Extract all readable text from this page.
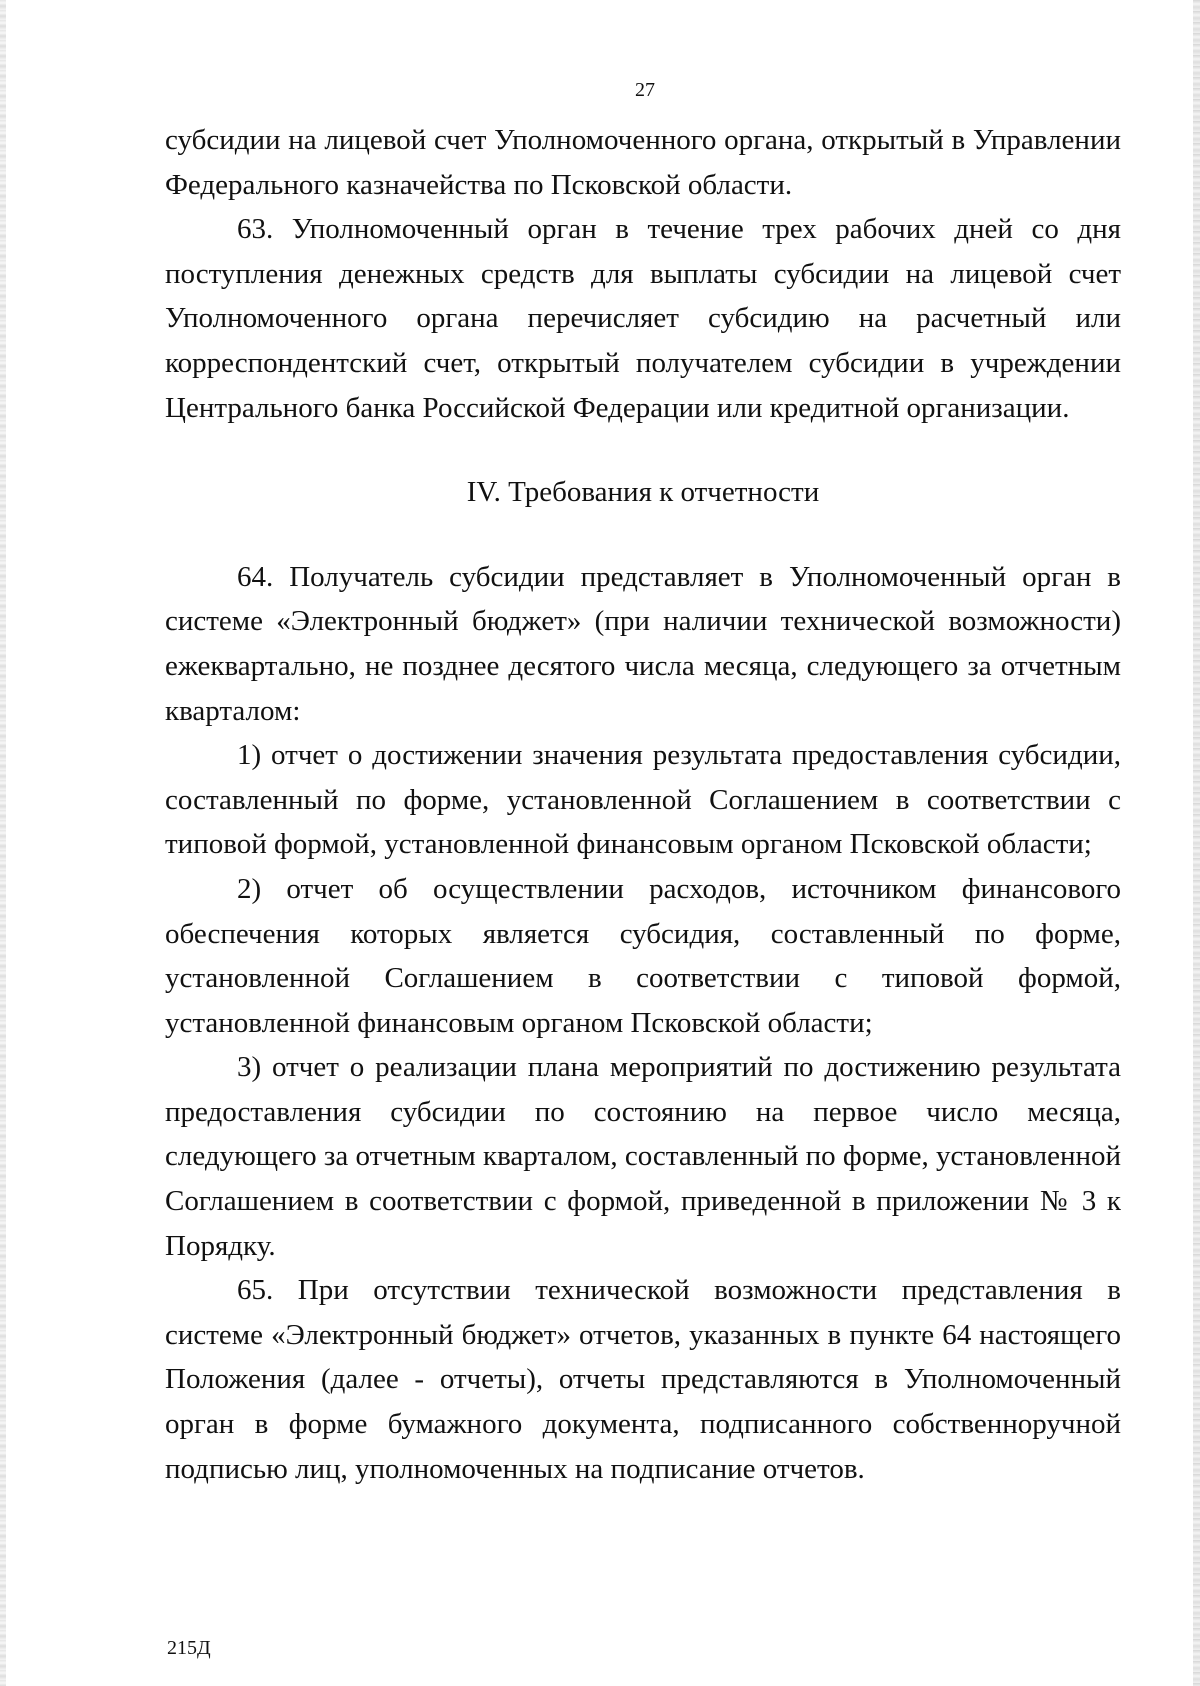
27

субсидии на лицевой счет Уполномоченного органа, открытый в Управлении Федерального казначейства по Псковской области.

63. Уполномоченный орган в течение трех рабочих дней со дня поступления денежных средств для выплаты субсидии на лицевой счет Уполномоченного органа перечисляет субсидию на расчетный или корреспондентский счет, открытый получателем субсидии в учреждении Центрального банка Российской Федерации или кредитной организации.

IV. Требования к отчетности

64. Получатель субсидии представляет в Уполномоченный орган в системе «Электронный бюджет» (при наличии технической возможности) ежеквартально, не позднее десятого числа месяца, следующего за отчетным кварталом:

1) отчет о достижении значения результата предоставления субсидии, составленный по форме, установленной Соглашением в соответствии с типовой формой, установленной финансовым органом Псковской области;

2) отчет об осуществлении расходов, источником финансового обеспечения которых является субсидия, составленный по форме, установленной Соглашением в соответствии с типовой формой, установленной финансовым органом Псковской области;

3) отчет о реализации плана мероприятий по достижению результата предоставления субсидии по состоянию на первое число месяца, следующего за отчетным кварталом, составленный по форме, установленной Соглашением в соответствии с формой, приведенной в приложении № 3 к Порядку.

65. При отсутствии технической возможности представления в системе «Электронный бюджет» отчетов, указанных в пункте 64 настоящего Положения (далее - отчеты), отчеты представляются в Уполномоченный орган в форме бумажного документа, подписанного собственноручной подписью лиц, уполномоченных на подписание отчетов.

215Д
